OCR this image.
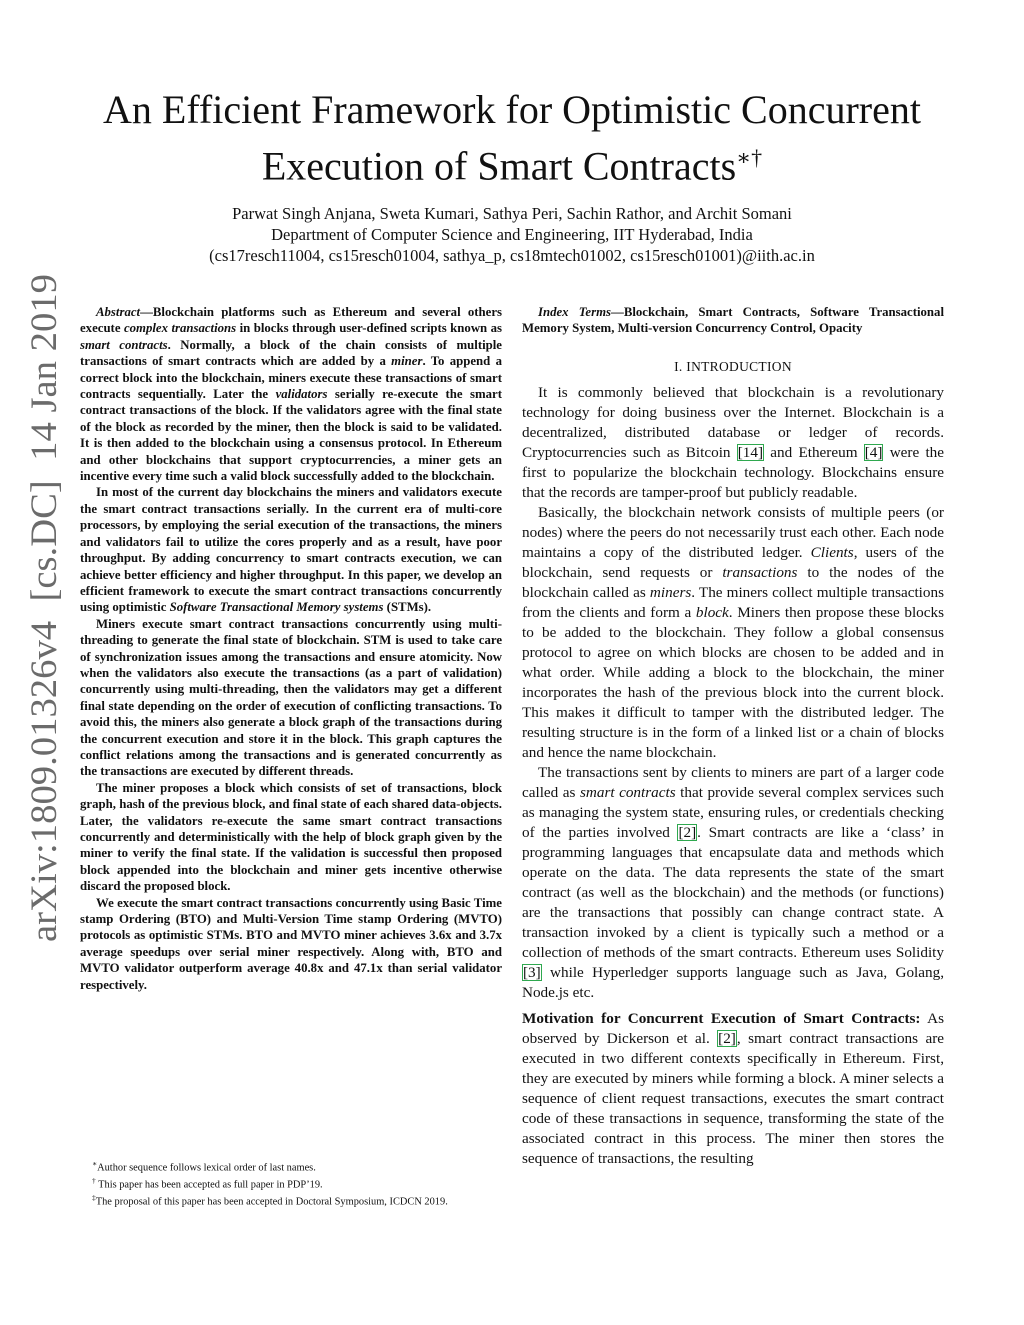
arXiv:1809.01326v4  [cs.DC]  14 Jan 2019
An Efficient Framework for Optimistic Concurrent
Execution of Smart Contracts∗†
Parwat Singh Anjana, Sweta Kumari, Sathya Peri, Sachin Rathor, and Archit Somani
Department of Computer Science and Engineering, IIT Hyderabad, India
(cs17resch11004, cs15resch01004, sathya_p, cs18mtech01002, cs15resch01001)@iith.ac.in

Abstract—Blockchain platforms such as Ethereum and several others execute complex transactions in blocks through user-defined scripts known as smart contracts. Normally, a block of the chain consists of multiple transactions of smart contracts which are added by a miner. To append a correct block into the blockchain, miners execute these transactions of smart contracts sequentially. Later the validators serially re-execute the smart contract transactions of the block. If the validators agree with the final state of the block as recorded by the miner, then the block is said to be validated. It is then added to the blockchain using a consensus protocol. In Ethereum and other blockchains that support cryptocurrencies, a miner gets an incentive every time such a valid block successfully added to the blockchain.

In most of the current day blockchains the miners and validators execute the smart contract transactions serially. In the current era of multi-core processors, by employing the serial execution of the transactions, the miners and validators fail to utilize the cores properly and as a result, have poor throughput. By adding concurrency to smart contracts execution, we can achieve better efficiency and higher throughput. In this paper, we develop an efficient framework to execute the smart contract transactions concurrently using optimistic Software Transactional Memory systems (STMs).

Miners execute smart contract transactions concurrently using multi-threading to generate the final state of blockchain. STM is used to take care of synchronization issues among the transactions and ensure atomicity. Now when the validators also execute the transactions (as a part of validation) concurrently using multi-threading, then the validators may get a different final state depending on the order of execution of conflicting transactions. To avoid this, the miners also generate a block graph of the transactions during the concurrent execution and store it in the block. This graph captures the conflict relations among the transactions and is generated concurrently as the transactions are executed by different threads.

The miner proposes a block which consists of set of transactions, block graph, hash of the previous block, and final state of each shared data-objects. Later, the validators re-execute the same smart contract transactions concurrently and deterministically with the help of block graph given by the miner to verify the final state. If the validation is successful then proposed block appended into the blockchain and miner gets incentive otherwise discard the proposed block.

We execute the smart contract transactions concurrently using Basic Time stamp Ordering (BTO) and Multi-Version Time stamp Ordering (MVTO) protocols as optimistic STMs. BTO and MVTO miner achieves 3.6x and 3.7x average speedups over serial miner respectively. Along with, BTO and MVTO validator outperform average 40.8x and 47.1x than serial validator respectively.

∗Author sequence follows lexical order of last names.
† This paper has been accepted as full paper in PDP’19.
‡The proposal of this paper has been accepted in Doctoral Symposium, ICDCN 2019.

Index Terms—Blockchain, Smart Contracts, Software Transactional Memory System, Multi-version Concurrency Control, Opacity

I. INTRODUCTION

It is commonly believed that blockchain is a revolutionary technology for doing business over the Internet. Blockchain is a decentralized, distributed database or ledger of records. Cryptocurrencies such as Bitcoin [14] and Ethereum [4] were the first to popularize the blockchain technology. Blockchains ensure that the records are tamper-proof but publicly readable.

Basically, the blockchain network consists of multiple peers (or nodes) where the peers do not necessarily trust each other. Each node maintains a copy of the distributed ledger. Clients, users of the blockchain, send requests or transactions to the nodes of the blockchain called as miners. The miners collect multiple transactions from the clients and form a block. Miners then propose these blocks to be added to the blockchain. They follow a global consensus protocol to agree on which blocks are chosen to be added and in what order. While adding a block to the blockchain, the miner incorporates the hash of the previous block into the current block. This makes it difficult to tamper with the distributed ledger. The resulting structure is in the form of a linked list or a chain of blocks and hence the name blockchain.

The transactions sent by clients to miners are part of a larger code called as smart contracts that provide several complex services such as managing the system state, ensuring rules, or credentials checking of the parties involved [2]. Smart contracts are like a ‘class’ in programming languages that encapsulate data and methods which operate on the data. The data represents the state of the smart contract (as well as the blockchain) and the methods (or functions) are the transactions that possibly can change contract state. A transaction invoked by a client is typically such a method or a collection of methods of the smart contracts. Ethereum uses Solidity [3] while Hyperledger supports language such as Java, Golang, Node.js etc.

Motivation for Concurrent Execution of Smart Contracts: As observed by Dickerson et al. [2], smart contract transactions are executed in two different contexts specifically in Ethereum. First, they are executed by miners while forming a block. A miner selects a sequence of client request transactions, executes the smart contract code of these transactions in sequence, transforming the state of the associated contract in this process. The miner then stores the sequence of transactions, the resulting
